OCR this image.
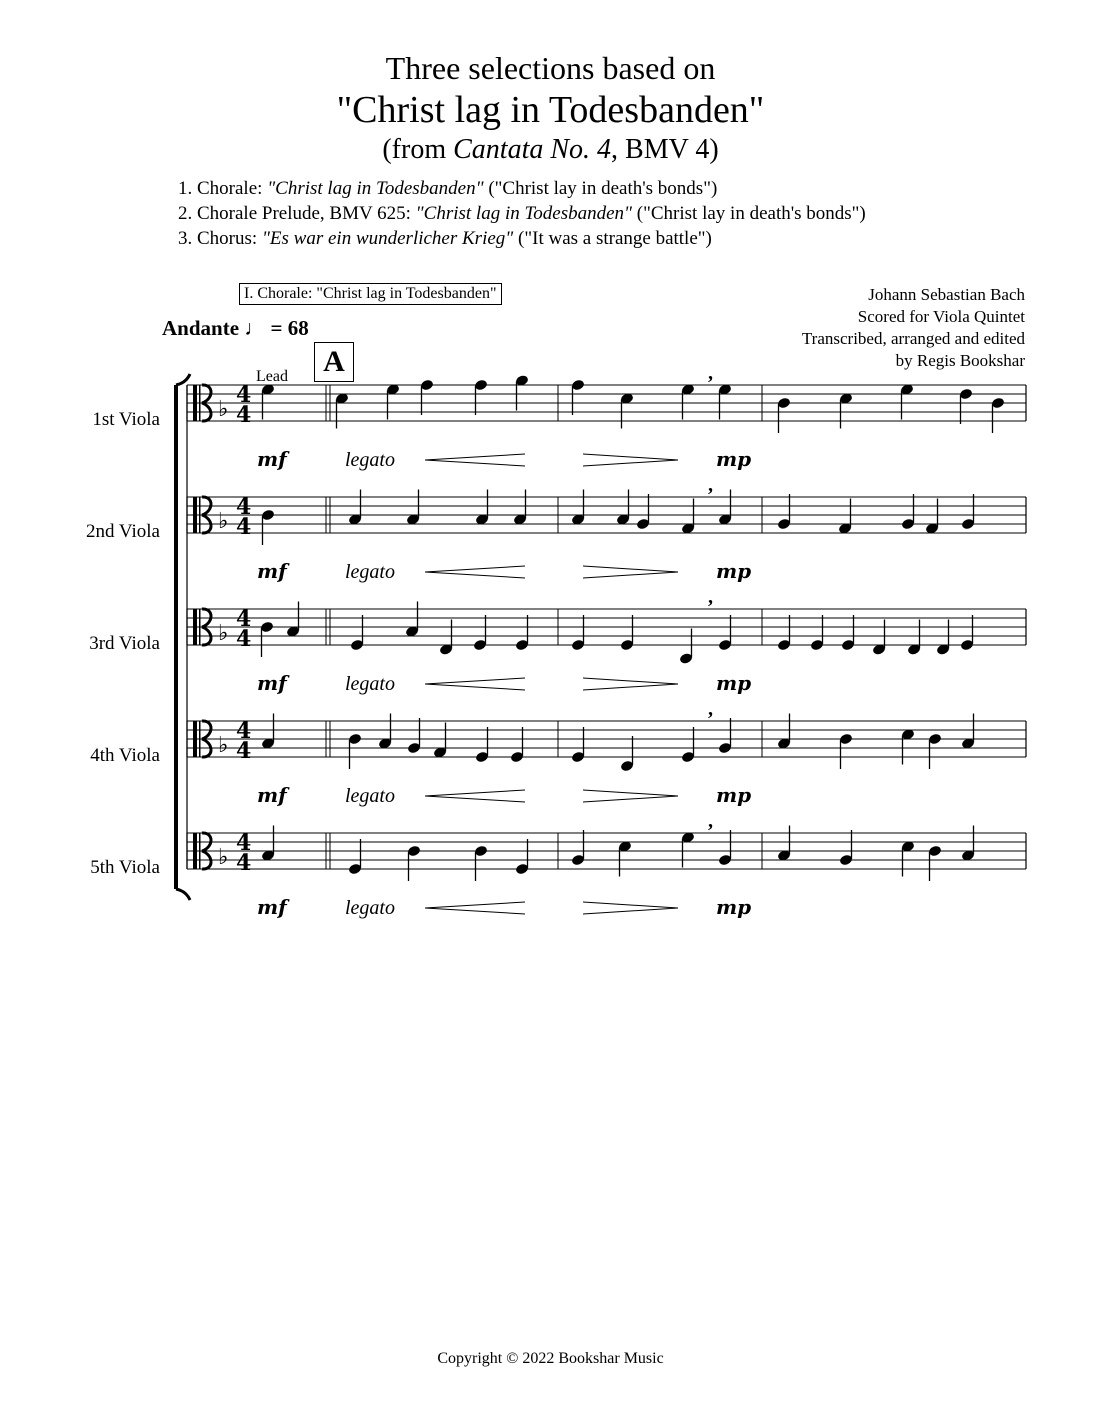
Three selections based on
"Christ lag in Todesbanden"
(from Cantata No. 4, BMV 4)
1. Chorale: "Christ lag in Todesbanden" ("Christ lay in death's bonds")
2. Chorale Prelude, BMV 625: "Christ lag in Todesbanden" ("Christ lay in death's bonds")
3. Chorus: "Es war ein wunderlicher Krieg" ("It was a strange battle")
I. Chorale: "Christ lag in Todesbanden"
Andante ♩ = 68
Johann Sebastian Bach
Scored for Viola Quintet
Transcribed, arranged and edited
by Regis Bookshar
A
Lead
1st Viola
2nd Viola
3rd Viola
4th Viola
5th Viola
♭
4
4
mf	legato	mp
,
♭
4
4
mf	legato	mp
,
♭
4
4
mf	legato	mp
,
♭
4
4
mf	legato	mp
,
♭
4
4
mf	legato	mp
,
Copyright © 2022 Bookshar Music
